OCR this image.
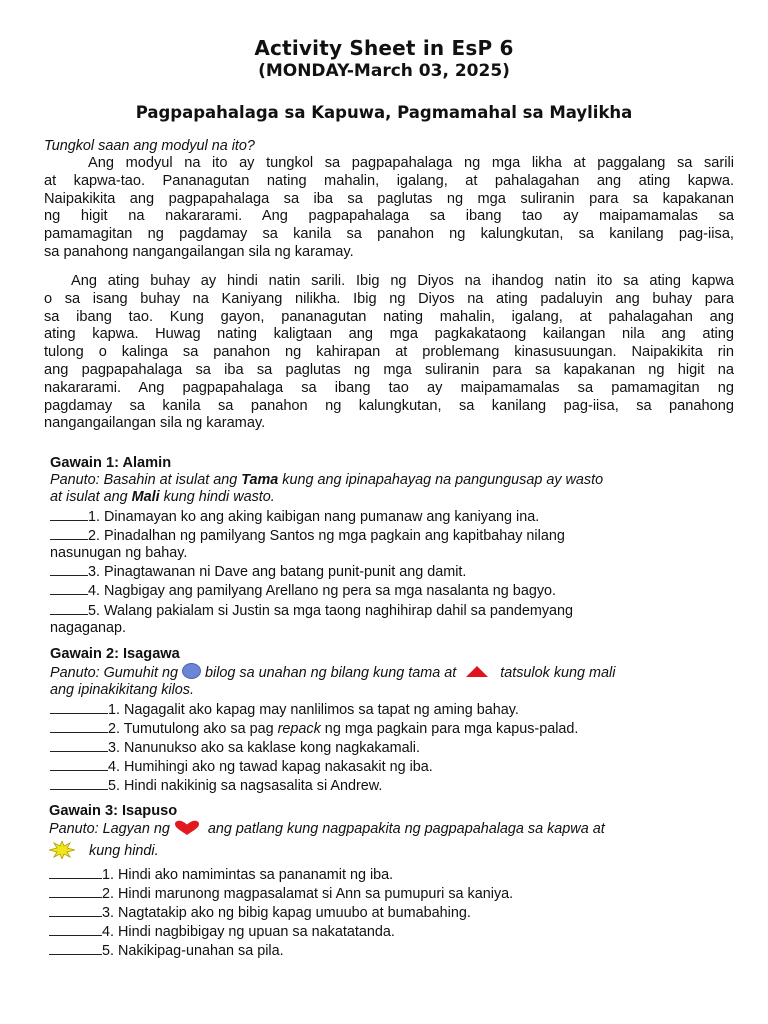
Activity Sheet in EsP 6
(MONDAY-March 03, 2025)
Pagpapahalaga sa Kapuwa, Pagmamahal sa Maylikha
Tungkol saan ang modyul na ito?
Ang modyul na ito ay tungkol sa pagpapahalaga ng mga likha at paggalang sa sarili
at kapwa-tao. Pananagutan nating mahalin, igalang, at pahalagahan ang ating kapwa.
Naipakikita ang pagpapahalaga sa iba sa paglutas ng mga suliranin para sa kapakanan
ng higit na nakararami. Ang pagpapahalaga sa ibang tao ay maipamamalas sa
pamamagitan ng pagdamay sa kanila sa panahon ng kalungkutan, sa kanilang pag-iisa,
sa panahong nangangailangan sila ng karamay.
Ang ating buhay ay hindi natin sarili. Ibig ng Diyos na ihandog natin ito sa ating kapwa
o sa isang buhay na Kaniyang nilikha. Ibig ng Diyos na ating padaluyin ang buhay para
sa ibang tao. Kung gayon, pananagutan nating mahalin, igalang, at pahalagahan ang
ating kapwa. Huwag nating kaligtaan ang mga pagkakataong kailangan nila ang ating
tulong o kalinga sa panahon ng kahirapan at problemang kinasusuungan. Naipakikita rin
ang pagpapahalaga sa iba sa paglutas ng mga suliranin para sa kapakanan ng higit na
nakararami. Ang pagpapahalaga sa ibang tao ay maipamamalas sa pamamagitan ng
pagdamay sa kanila sa panahon ng kalungkutan, sa kanilang pag-iisa, sa panahong
nangangailangan sila ng karamay.
Gawain 1: Alamin
Panuto: Basahin at isulat ang Tama kung ang ipinapahayag na pangungusap ay wasto
at isulat ang Mali kung hindi wasto.
1. Dinamayan ko ang aking kaibigan nang pumanaw ang kaniyang ina.
2. Pinadalhan ng pamilyang Santos ng mga pagkain ang kapitbahay nilang
nasunugan ng bahay.
3. Pinagtawanan ni Dave ang batang punit-punit ang damit.
4. Nagbigay ang pamilyang Arellano ng pera sa mga nasalanta ng bagyo.
5. Walang pakialam si Justin sa mga taong naghihirap dahil sa pandemyang
nagaganap.
Gawain 2: Isagawa
Panuto: Gumuhit ng bilog sa unahan ng bilang kung tama at	tatsulok kung mali
ang ipinakikitang kilos.
1. Nagagalit ako kapag may nanlilimos sa tapat ng aming bahay.
2. Tumutulong ako sa pag repack ng mga pagkain para mga kapus-palad.
3. Nanunukso ako sa kaklase kong nagkakamali.
4. Humihingi ako ng tawad kapag nakasakit ng iba.
5. Hindi nakikinig sa nagsasalita si Andrew.
Gawain 3: Isapuso
Panuto: Lagyan ng	ang patlang kung nagpapakita ng pagpapahalaga sa kapwa at
kung hindi.
1. Hindi ako namimintas sa pananamit ng iba.
2. Hindi marunong magpasalamat si Ann sa pumupuri sa kaniya.
3. Nagtatakip ako ng bibig kapag umuubo at bumabahing.
4. Hindi nagbibigay ng upuan sa nakatatanda.
5. Nakikipag-unahan sa pila.
